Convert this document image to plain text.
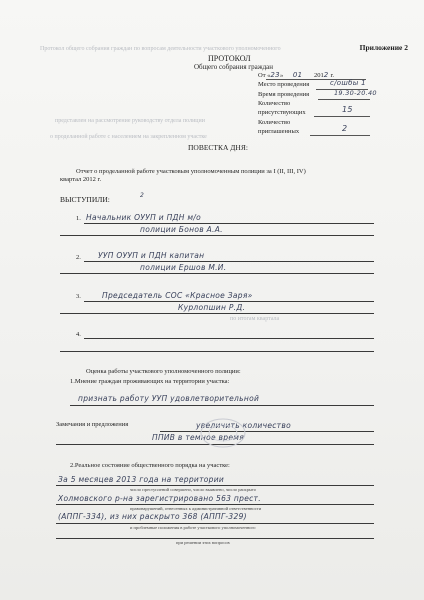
Протокол общего собрания граждан по вопросам деятельности участкового уполномоченного
представлен на рассмотрение руководству отдела полиции
о проделанной работе с населением на закрепленном участке
по итогам квартала
Приложение 2
ПРОТОКОЛ
Общего собрания граждан
От «23» 01 2012 г.
Место проведения	с/ошбы 1
Время проведения	19.30-20.40
Количество
присутствующих	15
Количество
приглашенных	2
ПОВЕСТКА ДНЯ:
Отчет о проделанной работе участковым уполномоченным полиции за I (II, III, IV)
квартал 2012 г.
ВЫСТУПИЛИ:	2
1. Начальник ОУУП и ПДН м/о
полиции Бонов А.А.
2. УУП ОУУП и ПДН капитан
полиции Ершов М.И.
3.	Председатель СОС «Красное Заря»
Курлопшин Р.Д.
4.
Оценка работы участкового уполномоченного полиции:
1.Мнение граждан проживающих на территории участка:
признать работу УУП удовлетворительной
Замечания и предложения	увеличить количество
ППИВ в темное время
2.Реальное состояние общественного порядка на участке:
За 5 месяцев 2013 года на территории
число преступлений совершено, число выявлено, число раскрыто
Холмовского р-на зарегистрировано 563 прест.
правонарушений, отнесенных к административной ответственности
(АППГ-334), из них раскрыто 368 (АППГ-329)
и проблемные положения в работе участкового уполномоченного
при решении этих вопросов
